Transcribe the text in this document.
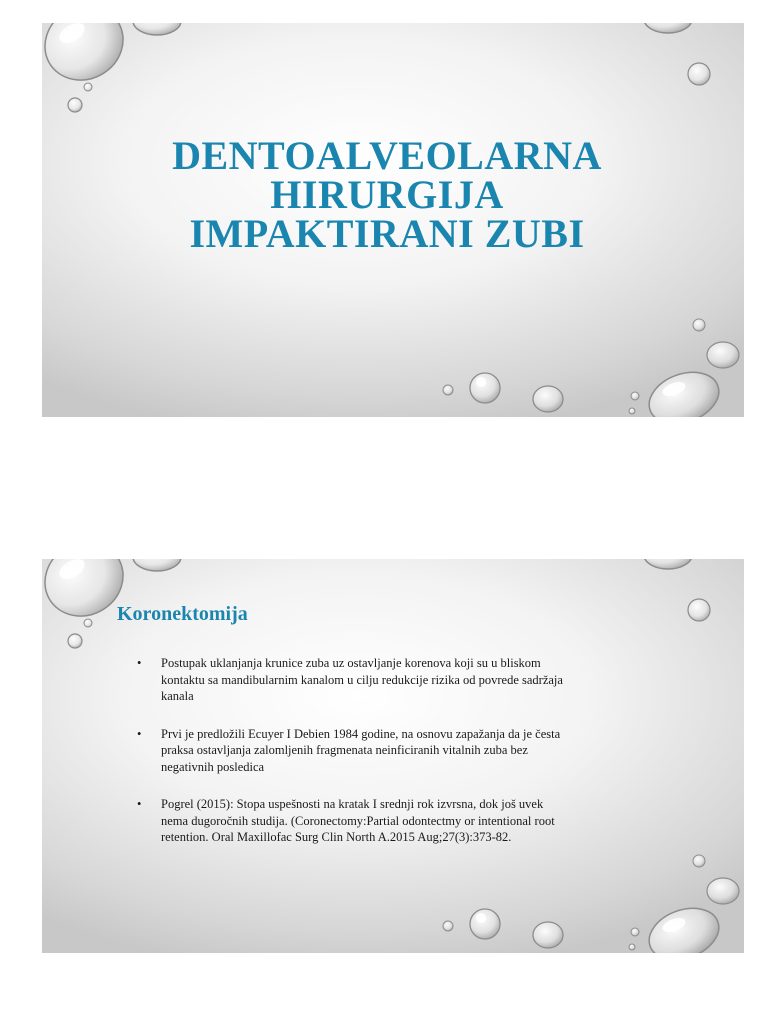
DENTOALVEOLARNA
HIRURGIJA
IMPAKTIRANI ZUBI
Koronektomija
• Postupak uklanjanja krunice zuba uz ostavljanje korenova koji su u bliskom kontaktu sa mandibularnim kanalom u cilju redukcije rizika od povrede sadržaja kanala
• Prvi je predložili Ecuyer I Debien 1984 godine, na osnovu zapažanja da je česta praksa ostavljanja zalomljenih fragmenata neinficiranih vitalnih zuba bez negativnih posledica
• Pogrel (2015): Stopa uspešnosti na kratak I srednji rok izvrsna, dok još uvek nema dugoročnih studija. (Coronectomy:Partial odontectmy or intentional root retention. Oral Maxillofac Surg Clin North A.2015 Aug;27(3):373-82.
